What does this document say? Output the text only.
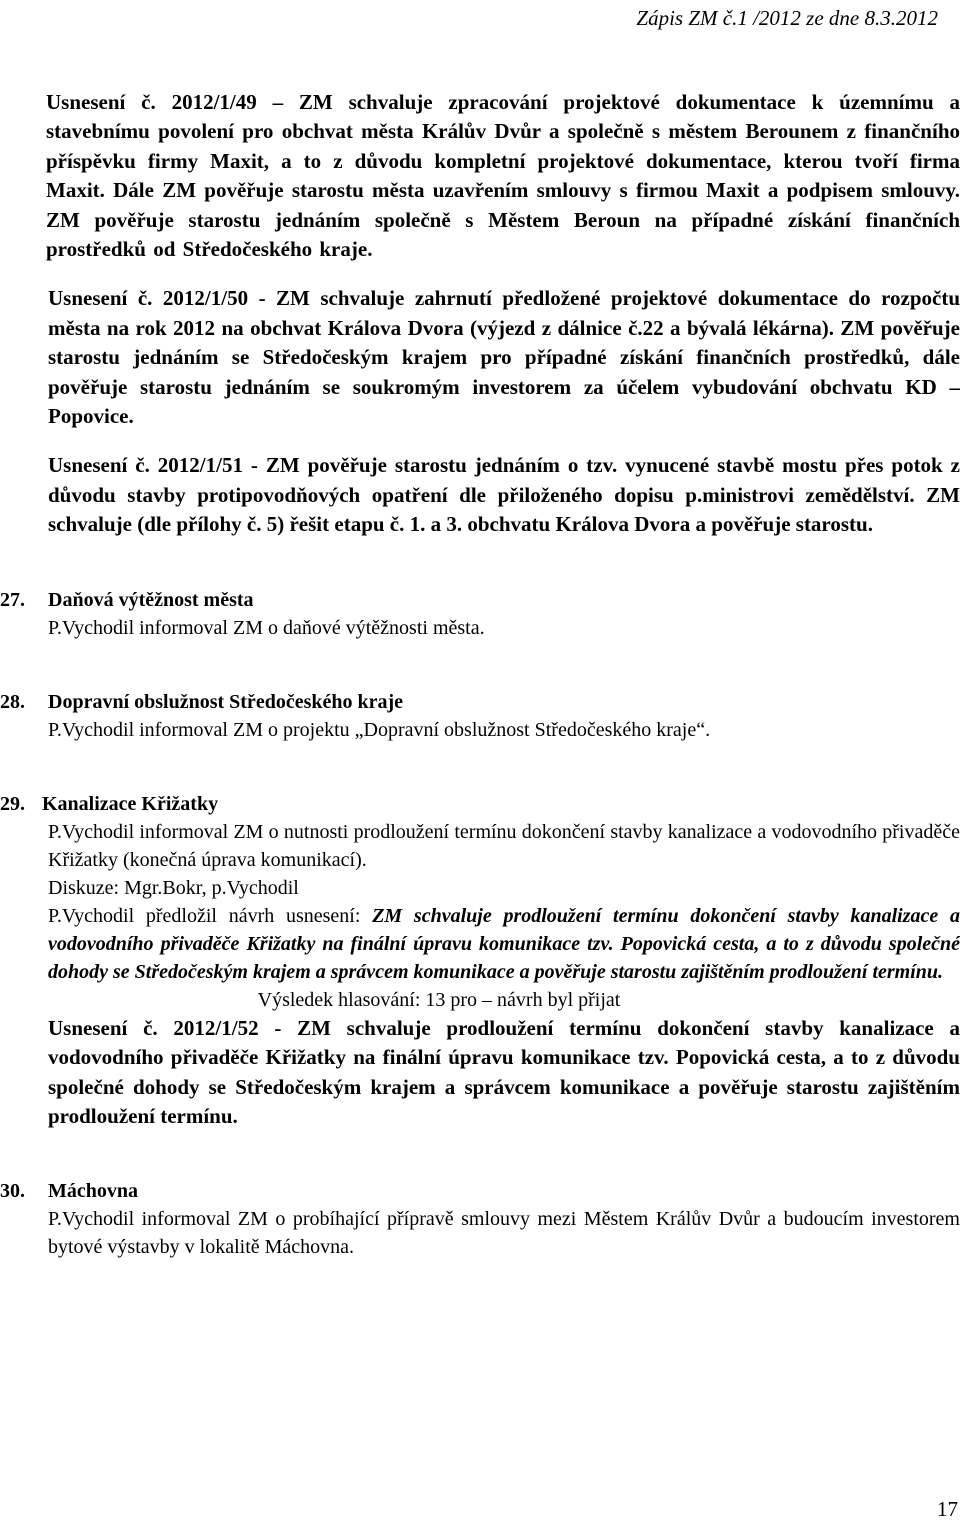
Zápis ZM č.1 /2012 ze dne 8.3.2012

Usnesení č. 2012/1/49 – ZM schvaluje zpracování projektové dokumentace k územnímu a stavebnímu povolení pro obchvat města Králův Dvůr a společně s městem Berounem z finančního příspěvku firmy Maxit, a to z důvodu kompletní projektové dokumentace, kterou tvoří firma Maxit. Dále ZM pověřuje starostu města uzavřením smlouvy s firmou Maxit a podpisem smlouvy. ZM pověřuje starostu jednáním společně s Městem Beroun na případné získání finančních prostředků od Středočeského kraje.

Usnesení č. 2012/1/50 - ZM schvaluje zahrnutí předložené projektové dokumentace do rozpočtu města na rok 2012 na obchvat Králova Dvora (výjezd z dálnice č.22 a bývalá lékárna). ZM pověřuje starostu jednáním se Středočeským krajem pro případné získání finančních prostředků, dále pověřuje starostu jednáním se soukromým investorem za účelem vybudování obchvatu KD – Popovice.

Usnesení č. 2012/1/51 - ZM pověřuje starostu jednáním o tzv. vynucené stavbě mostu přes potok z důvodu stavby protipovodňových opatření dle přiloženého dopisu p.ministrovi zemědělství. ZM schvaluje (dle přílohy č. 5) řešit etapu č. 1. a 3. obchvatu Králova Dvora a pověřuje starostu.

27. Daňová výtěžnost města
P.Vychodil informoval ZM o daňové výtěžnosti města.
28. Dopravní obslužnost Středočeského kraje
P.Vychodil informoval ZM o projektu „Dopravní obslužnost Středočeského kraje“.
29. Kanalizace Křižatky
P.Vychodil informoval ZM o nutnosti prodloužení termínu dokončení stavby kanalizace a vodovodního přivaděče Křižatky (konečná úprava komunikací).
Diskuze: Mgr.Bokr, p.Vychodil
P.Vychodil předložil návrh usnesení: ZM schvaluje prodloužení termínu dokončení stavby kanalizace a vodovodního přivaděče Křižatky na finální úpravu komunikace tzv. Popovická cesta, a to z důvodu společné dohody se Středočeským krajem a správcem komunikace a pověřuje starostu zajištěním prodloužení termínu.
Výsledek hlasování: 13 pro – návrh byl přijat

Usnesení č. 2012/1/52 - ZM schvaluje prodloužení termínu dokončení stavby kanalizace a vodovodního přivaděče Křižatky na finální úpravu komunikace tzv. Popovická cesta, a to z důvodu společné dohody se Středočeským krajem a správcem komunikace a pověřuje starostu zajištěním prodloužení termínu.

30. Máchovna
P.Vychodil informoval ZM o probíhající přípravě smlouvy mezi Městem Králův Dvůr a budoucím investorem bytové výstavby v lokalitě Máchovna.
17
